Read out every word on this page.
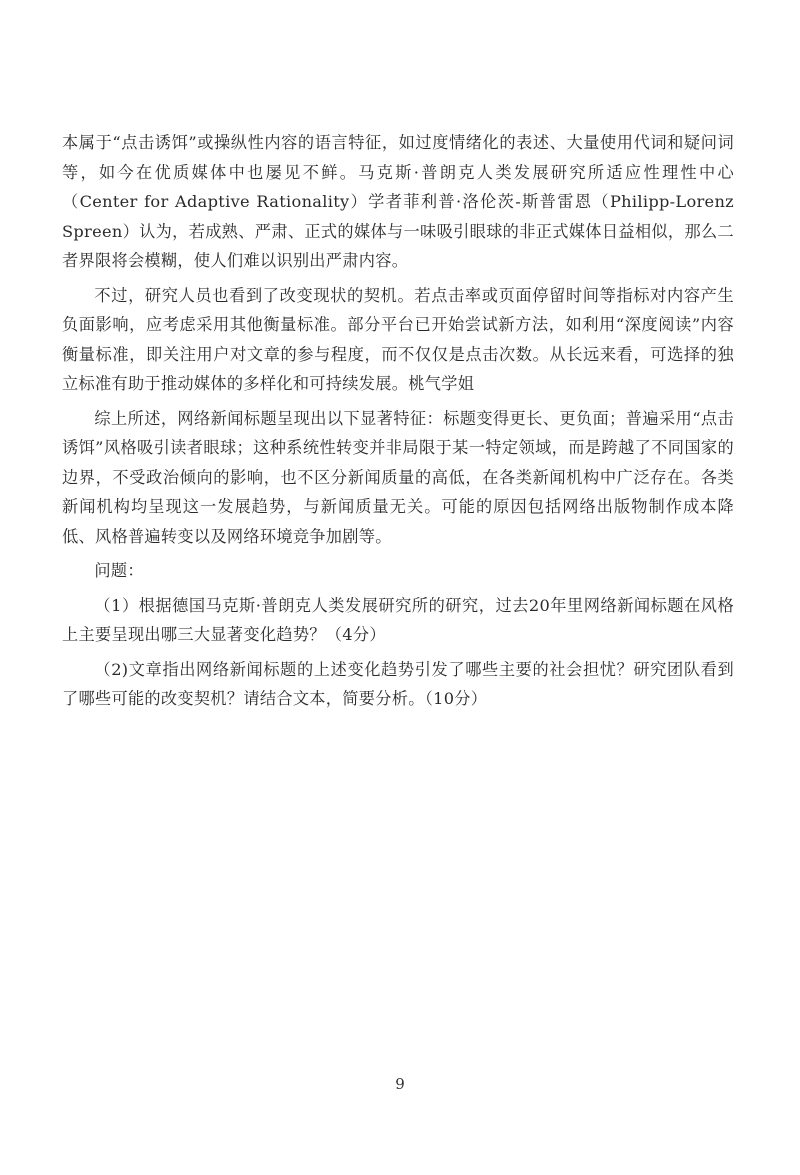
本属于“点击诱饵”或操纵性内容的语言特征，如过度情绪化的表述、大量使用代词和疑问词等，如今在优质媒体中也屡见不鲜。马克斯·普朗克人类发展研究所适应性理性中心（Center for Adaptive Rationality）学者菲利普·洛伦茨-斯普雷恩（Philipp-Lorenz Spreen）认为，若成熟、严肃、正式的媒体与一味吸引眼球的非正式媒体日益相似，那么二者界限将会模糊，使人们难以识别出严肃内容。

不过，研究人员也看到了改变现状的契机。若点击率或页面停留时间等指标对内容产生负面影响，应考虑采用其他衡量标准。部分平台已开始尝试新方法，如利用“深度阅读”内容衡量标准，即关注用户对文章的参与程度，而不仅仅是点击次数。从长远来看，可选择的独立标准有助于推动媒体的多样化和可持续发展。桃气学姐

综上所述，网络新闻标题呈现出以下显著特征：标题变得更长、更负面；普遍采用“点击诱饵”风格吸引读者眼球；这种系统性转变并非局限于某一特定领域，而是跨越了不同国家的边界，不受政治倾向的影响，也不区分新闻质量的高低，在各类新闻机构中广泛存在。各类新闻机构均呈现这一发展趋势，与新闻质量无关。可能的原因包括网络出版物制作成本降低、风格普遍转变以及网络环境竞争加剧等。

问题：

（1）根据德国马克斯·普朗克人类发展研究所的研究，过去20年里网络新闻标题在风格上主要呈现出哪三大显著变化趋势？（4分）

（2)文章指出网络新闻标题的上述变化趋势引发了哪些主要的社会担忧？研究团队看到了哪些可能的改变契机？请结合文本，简要分析。（10分）

9
